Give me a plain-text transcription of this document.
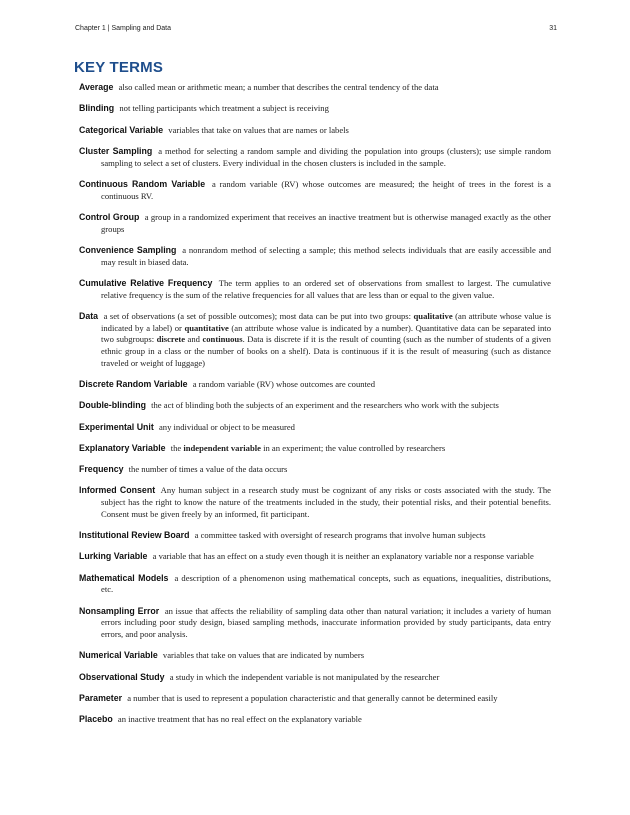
Chapter 1 | Sampling and Data	31
KEY TERMS

Average also called mean or arithmetic mean; a number that describes the central tendency of the data

Blinding not telling participants which treatment a subject is receiving

Categorical Variable variables that take on values that are names or labels

Cluster Sampling a method for selecting a random sample and dividing the population into groups (clusters); use simple random sampling to select a set of clusters. Every individual in the chosen clusters is included in the sample.

Continuous Random Variable a random variable (RV) whose outcomes are measured; the height of trees in the forest is a continuous RV.

Control Group a group in a randomized experiment that receives an inactive treatment but is otherwise managed exactly as the other groups

Convenience Sampling a nonrandom method of selecting a sample; this method selects individuals that are easily accessible and may result in biased data.

Cumulative Relative Frequency The term applies to an ordered set of observations from smallest to largest. The cumulative relative frequency is the sum of the relative frequencies for all values that are less than or equal to the given value.

Data a set of observations (a set of possible outcomes); most data can be put into two groups: qualitative (an attribute whose value is indicated by a label) or quantitative (an attribute whose value is indicated by a number). Quantitative data can be separated into two subgroups: discrete and continuous. Data is discrete if it is the result of counting (such as the number of students of a given ethnic group in a class or the number of books on a shelf). Data is continuous if it is the result of measuring (such as distance traveled or weight of luggage)

Discrete Random Variable a random variable (RV) whose outcomes are counted

Double-blinding the act of blinding both the subjects of an experiment and the researchers who work with the subjects

Experimental Unit any individual or object to be measured

Explanatory Variable the independent variable in an experiment; the value controlled by researchers

Frequency the number of times a value of the data occurs

Informed Consent Any human subject in a research study must be cognizant of any risks or costs associated with the study. The subject has the right to know the nature of the treatments included in the study, their potential risks, and their potential benefits. Consent must be given freely by an informed, fit participant.

Institutional Review Board a committee tasked with oversight of research programs that involve human subjects

Lurking Variable a variable that has an effect on a study even though it is neither an explanatory variable nor a response variable

Mathematical Models a description of a phenomenon using mathematical concepts, such as equations, inequalities, distributions, etc.

Nonsampling Error an issue that affects the reliability of sampling data other than natural variation; it includes a variety of human errors including poor study design, biased sampling methods, inaccurate information provided by study participants, data entry errors, and poor analysis.

Numerical Variable variables that take on values that are indicated by numbers

Observational Study a study in which the independent variable is not manipulated by the researcher

Parameter a number that is used to represent a population characteristic and that generally cannot be determined easily

Placebo an inactive treatment that has no real effect on the explanatory variable
